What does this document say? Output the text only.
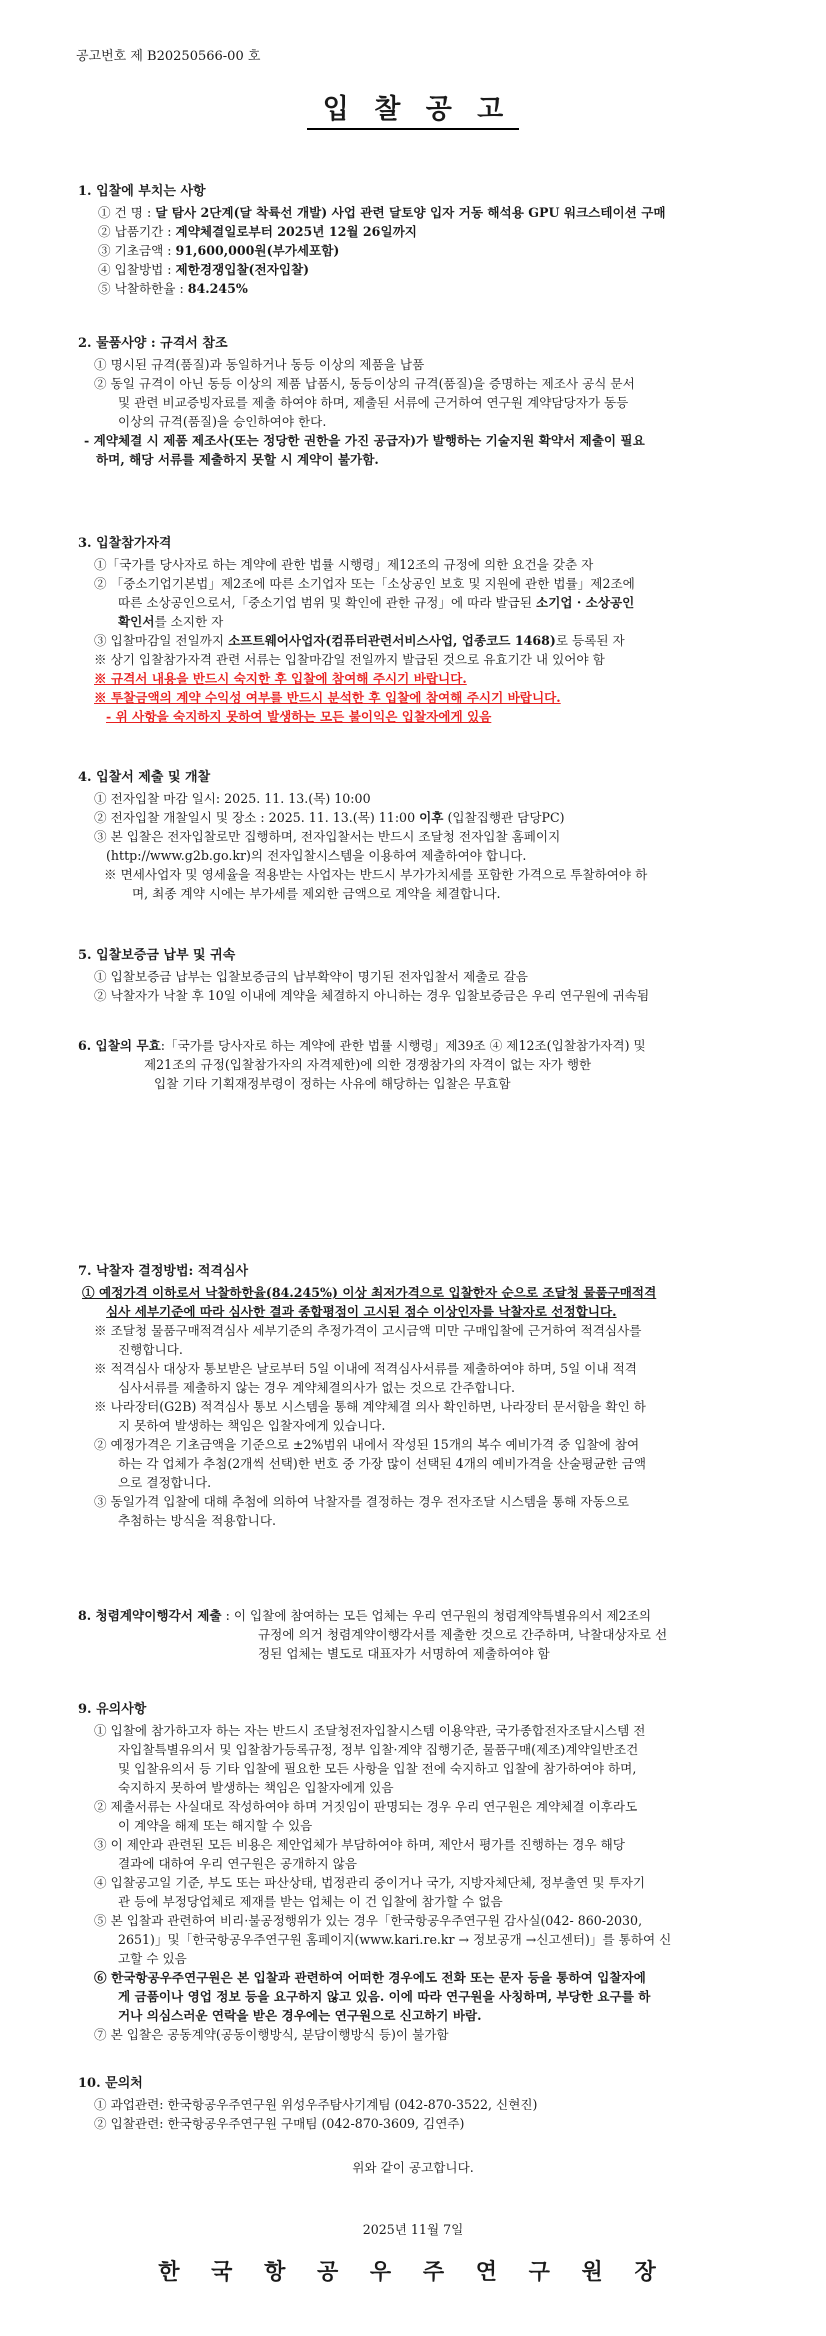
공고번호 제 B20250566-00 호
입 찰 공 고
1. 입찰에 부치는 사항
① 건 명 : 달 탐사 2단계(달 착륙선 개발) 사업 관련 달토양 입자 거동 해석용 GPU 워크스테이션 구매
② 납품기간 : 계약체결일로부터 2025년 12월 26일까지
③ 기초금액 : 91,600,000원(부가세포함)
④ 입찰방법 : 제한경쟁입찰(전자입찰)
⑤ 낙찰하한율 : 84.245%
2. 물품사양 : 규격서 참조
① 명시된 규격(품질)과 동일하거나 동등 이상의 제품을 납품
② 동일 규격이 아닌 동등 이상의 제품 납품시, 동등이상의 규격(품질)을 증명하는 제조사 공식 문서
및 관련 비교증빙자료를 제출 하여야 하며, 제출된 서류에 근거하여 연구원 계약담당자가 동등
이상의 규격(품질)을 승인하여야 한다.
- 계약체결 시 제품 제조사(또는 정당한 권한을 가진 공급자)가 발행하는 기술지원 확약서 제출이 필요
하며, 해당 서류를 제출하지 못할 시 계약이 불가함.
3. 입찰참가자격
①「국가를 당사자로 하는 계약에 관한 법률 시행령」제12조의 규정에 의한 요건을 갖춘 자
② 「중소기업기본법」제2조에 따른 소기업자 또는「소상공인 보호 및 지원에 관한 법률」제2조에
따른 소상공인으로서,「중소기업 범위 및 확인에 관한 규정」에 따라 발급된 소기업 · 소상공인
확인서를 소지한 자
③ 입찰마감일 전일까지 소프트웨어사업자(컴퓨터관련서비스사업, 업종코드 1468)로 등록된 자
※ 상기 입찰참가자격 관련 서류는 입찰마감일 전일까지 발급된 것으로 유효기간 내 있어야 함
※ 규격서 내용을 반드시 숙지한 후 입찰에 참여해 주시기 바랍니다.
※ 투찰금액의 계약 수익성 여부를 반드시 분석한 후 입찰에 참여해 주시기 바랍니다.
- 위 사항을 숙지하지 못하여 발생하는 모든 불이익은 입찰자에게 있음
4. 입찰서 제출 및 개찰
① 전자입찰 마감 일시: 2025. 11. 13.(목) 10:00
② 전자입찰 개찰일시 및 장소 : 2025. 11. 13.(목) 11:00 이후 (입찰집행관 담당PC)
③ 본 입찰은 전자입찰로만 집행하며, 전자입찰서는 반드시 조달청 전자입찰 홈페이지
(http://www.g2b.go.kr)의 전자입찰시스템을 이용하여 제출하여야 합니다.
※ 면세사업자 및 영세율을 적용받는 사업자는 반드시 부가가치세를 포함한 가격으로 투찰하여야 하
며, 최종 계약 시에는 부가세를 제외한 금액으로 계약을 체결합니다.
5. 입찰보증금 납부 및 귀속
① 입찰보증금 납부는 입찰보증금의 납부확약이 명기된 전자입찰서 제출로 갈음
② 낙찰자가 낙찰 후 10일 이내에 계약을 체결하지 아니하는 경우 입찰보증금은 우리 연구원에 귀속됨
6. 입찰의 무효:「국가를 당사자로 하는 계약에 관한 법률 시행령」제39조 ④ 제12조(입찰참가자격) 및
제21조의 규정(입찰참가자의 자격제한)에 의한 경쟁참가의 자격이 없는 자가 행한
입찰 기타 기획재정부령이 정하는 사유에 해당하는 입찰은 무효함
7. 낙찰자 결정방법: 적격심사
① 예정가격 이하로서 낙찰하한율(84.245%) 이상 최저가격으로 입찰한자 순으로 조달청 물품구매적격
심사 세부기준에 따라 심사한 결과 종합평점이 고시된 점수 이상인자를 낙찰자로 선정합니다.
※ 조달청 물품구매적격심사 세부기준의 추정가격이 고시금액 미만 구매입찰에 근거하여 적격심사를
진행합니다.
※ 적격심사 대상자 통보받은 날로부터 5일 이내에 적격심사서류를 제출하여야 하며, 5일 이내 적격
심사서류를 제출하지 않는 경우 계약체결의사가 없는 것으로 간주합니다.
※ 나라장터(G2B) 적격심사 통보 시스템을 통해 계약체결 의사 확인하면, 나라장터 문서함을 확인 하
지 못하여 발생하는 책임은 입찰자에게 있습니다.
② 예정가격은 기초금액을 기준으로 ±2%범위 내에서 작성된 15개의 복수 예비가격 중 입찰에 참여
하는 각 업체가 추첨(2개씩 선택)한 번호 중 가장 많이 선택된 4개의 예비가격을 산술평균한 금액
으로 결정합니다.
③ 동일가격 입찰에 대해 추첨에 의하여 낙찰자를 결정하는 경우 전자조달 시스템을 통해 자동으로
추첨하는 방식을 적용합니다.
8. 청렴계약이행각서 제출 : 이 입찰에 참여하는 모든 업체는 우리 연구원의 청렴계약특별유의서 제2조의
규정에 의거 청렴계약이행각서를 제출한 것으로 간주하며, 낙찰대상자로 선
정된 업체는 별도로 대표자가 서명하여 제출하여야 함
9. 유의사항
① 입찰에 참가하고자 하는 자는 반드시 조달청전자입찰시스템 이용약관, 국가종합전자조달시스템 전
자입찰특별유의서 및 입찰참가등록규정, 정부 입찰·계약 집행기준, 물품구매(제조)계약일반조건
및 입찰유의서 등 기타 입찰에 필요한 모든 사항을 입찰 전에 숙지하고 입찰에 참가하여야 하며,
숙지하지 못하여 발생하는 책임은 입찰자에게 있음
② 제출서류는 사실대로 작성하여야 하며 거짓임이 판명되는 경우 우리 연구원은 계약체결 이후라도
이 계약을 해제 또는 해지할 수 있음
③ 이 제안과 관련된 모든 비용은 제안업체가 부담하여야 하며, 제안서 평가를 진행하는 경우 해당
결과에 대하여 우리 연구원은 공개하지 않음
④ 입찰공고일 기준, 부도 또는 파산상태, 법정관리 중이거나 국가, 지방자체단체, 정부출연 및 투자기
관 등에 부정당업체로 제재를 받는 업체는 이 건 입찰에 참가할 수 없음
⑤ 본 입찰과 관련하여 비리·불공정행위가 있는 경우「한국항공우주연구원 감사실(042- 860-2030,
2651)」및「한국항공우주연구원 홈페이지(www.kari.re.kr → 정보공개 →신고센터)」를 통하여 신
고할 수 있음
⑥ 한국항공우주연구원은 본 입찰과 관련하여 어떠한 경우에도 전화 또는 문자 등을 통하여 입찰자에
게 금품이나 영업 정보 등을 요구하지 않고 있음. 이에 따라 연구원을 사칭하며, 부당한 요구를 하
거나 의심스러운 연락을 받은 경우에는 연구원으로 신고하기 바람.
⑦ 본 입찰은 공동계약(공동이행방식, 분담이행방식 등)이 불가함
10. 문의처
① 과업관련: 한국항공우주연구원 위성우주탐사기계팀 (042-870-3522, 신현진)
② 입찰관련: 한국항공우주연구원 구매팀 (042-870-3609, 김연주)
위와 같이 공고합니다.
2025년 11월 7일
한 국 항 공 우 주 연 구 원 장
